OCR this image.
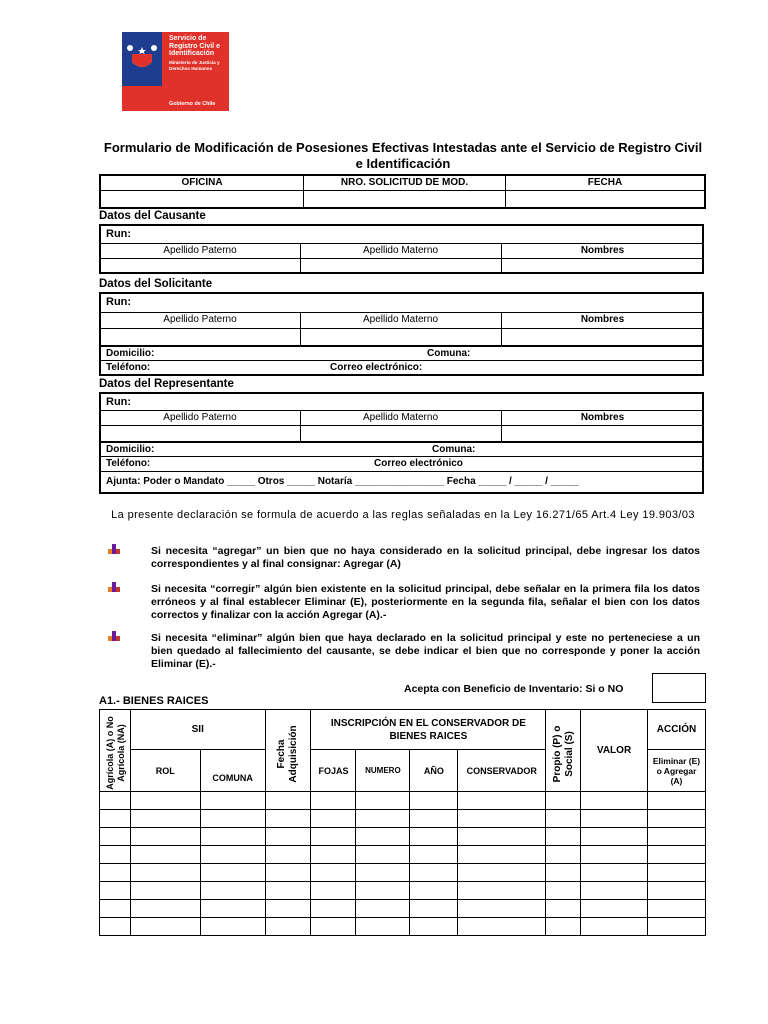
Servicio de Registro Civil e Identificación
Ministerio de Justicia y Derechos Humanos
Gobierno de Chile
Formulario de Modificación de Posesiones Efectivas Intestadas ante el Servicio de Registro Civil e Identificación
OFICINA	NRO. SOLICITUD DE MOD.	FECHA

Datos del Causante
Run:
Apellido Paterno	Apellido Materno	Nombres
Datos del Solicitante
Run:
Apellido Paterno	Apellido Materno	Nombres
Domicilio:	Comuna:
Teléfono:	Correo electrónico:
Datos del Representante
Run:
Apellido Paterno	Apellido Materno	Nombres
Domicilio:	Comuna:
Teléfono:	Correo electrónico
Ajunta: Poder o Mandato _____ Otros _____ Notaría ________________ Fecha _____ / _____ / _____
La presente declaración se formula de acuerdo a las reglas señaladas en la Ley 16.271/65 Art.4 Ley 19.903/03
Si necesita “agregar” un bien que no haya considerado en la solicitud principal, debe ingresar los datos correspondientes y al final consignar: Agregar (A)
Si necesita “corregir” algún bien existente en la solicitud principal, debe señalar en la primera fila los datos erróneos y al final establecer Eliminar (E), posteriormente en la segunda fila, señalar el bien con los datos correctos y finalizar con la acción Agregar (A).-
Si necesita “eliminar” algún bien que haya declarado en la solicitud principal y este no perteneciese a un bien quedado al fallecimiento del causante, se debe indicar el bien que no corresponde y poner la acción Eliminar (E).-
Acepta con Beneficio de Inventario: Si o NO
A1.- BIENES RAICES
Agrícola (A) o No Agrícola (NA)	SII		Fecha Adquisición	INSCRIPCIÓN EN EL CONSERVADOR DE BIENES RAICES				Propio (P) o Social (S)	VALOR	ACCIÓN
	ROL	COMUNA		FOJAS	NUMERO	AÑO	CONSERVADOR			Eliminar (E) o Agregar (A)
